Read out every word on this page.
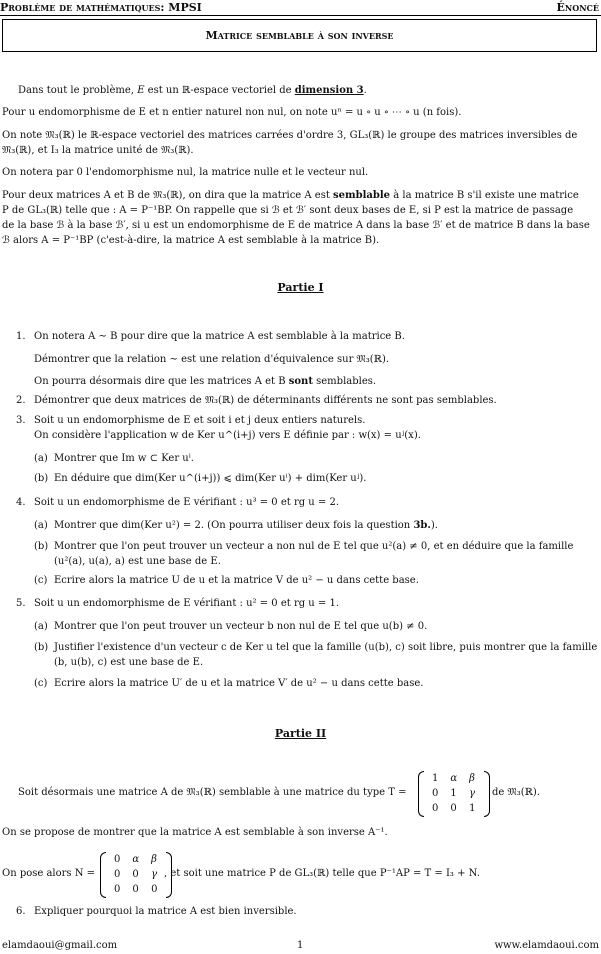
Problème de mathématiques: MPSI	Énoncé
Matrice semblable à son inverse
Dans tout le problème, E est un ℝ-espace vectoriel de dimension 3.
Pour u endomorphisme de E et n entier naturel non nul, on note uⁿ = u ∘ u ∘ ⋯ ∘ u (n fois).
On note 𝔐₃(ℝ) le ℝ-espace vectoriel des matrices carrées d'ordre 3, GL₃(ℝ) le groupe des matrices inversibles de
𝔐₃(ℝ), et I₃ la matrice unité de 𝔐₃(ℝ).
On notera par 0 l'endomorphisme nul, la matrice nulle et le vecteur nul.
Pour deux matrices A et B de 𝔐₃(ℝ), on dira que la matrice A est semblable à la matrice B s'il existe une matrice
P de GL₃(ℝ) telle que : A = P⁻¹BP. On rappelle que si ℬ et ℬ′ sont deux bases de E, si P est la matrice de passage
de la base ℬ à la base ℬ′, si u est un endomorphisme de E de matrice A dans la base ℬ′ et de matrice B dans la base
ℬ alors A = P⁻¹BP (c'est-à-dire, la matrice A est semblable à la matrice B).
Partie I
1. On notera A ∼ B pour dire que la matrice A est semblable à la matrice B.
Démontrer que la relation ∼ est une relation d'équivalence sur 𝔐₃(ℝ).
On pourra désormais dire que les matrices A et B sont semblables.
2. Démontrer que deux matrices de 𝔐₃(ℝ) de déterminants différents ne sont pas semblables.
3. Soit u un endomorphisme de E et soit i et j deux entiers naturels.
On considère l'application w de Ker u^(i+j) vers E définie par : w(x) = uʲ(x).
(a) Montrer que Im w ⊂ Ker uⁱ.
(b) En déduire que dim(Ker u^(i+j)) ⩽ dim(Ker uⁱ) + dim(Ker uʲ).
4. Soit u un endomorphisme de E vérifiant : u³ = 0 et rg u = 2.
(a) Montrer que dim(Ker u²) = 2. (On pourra utiliser deux fois la question 3b.).
(b) Montrer que l'on peut trouver un vecteur a non nul de E tel que u²(a) ≠ 0, et en déduire que la famille
(u²(a), u(a), a) est une base de E.
(c) Ecrire alors la matrice U de u et la matrice V de u² − u dans cette base.
5. Soit u un endomorphisme de E vérifiant : u² = 0 et rg u = 1.
(a) Montrer que l'on peut trouver un vecteur b non nul de E tel que u(b) ≠ 0.
(b) Justifier l'existence d'un vecteur c de Ker u tel que la famille (u(b), c) soit libre, puis montrer que la famille
(b, u(b), c) est une base de E.
(c) Ecrire alors la matrice U′ de u et la matrice V′ de u² − u dans cette base.
Partie II
Soit désormais une matrice A de 𝔐₃(ℝ) semblable à une matrice du type T =
1	α	β
0	1	γ
0	0	1
de 𝔐₃(ℝ).
On se propose de montrer que la matrice A est semblable à son inverse A⁻¹.
On pose alors N =
0	α	β
0	0	γ
0	0	0
, et soit une matrice P de GL₃(ℝ) telle que P⁻¹AP = T = I₃ + N.
6. Expliquer pourquoi la matrice A est bien inversible.
elamdaoui@gmail.com	1	www.elamdaoui.com
